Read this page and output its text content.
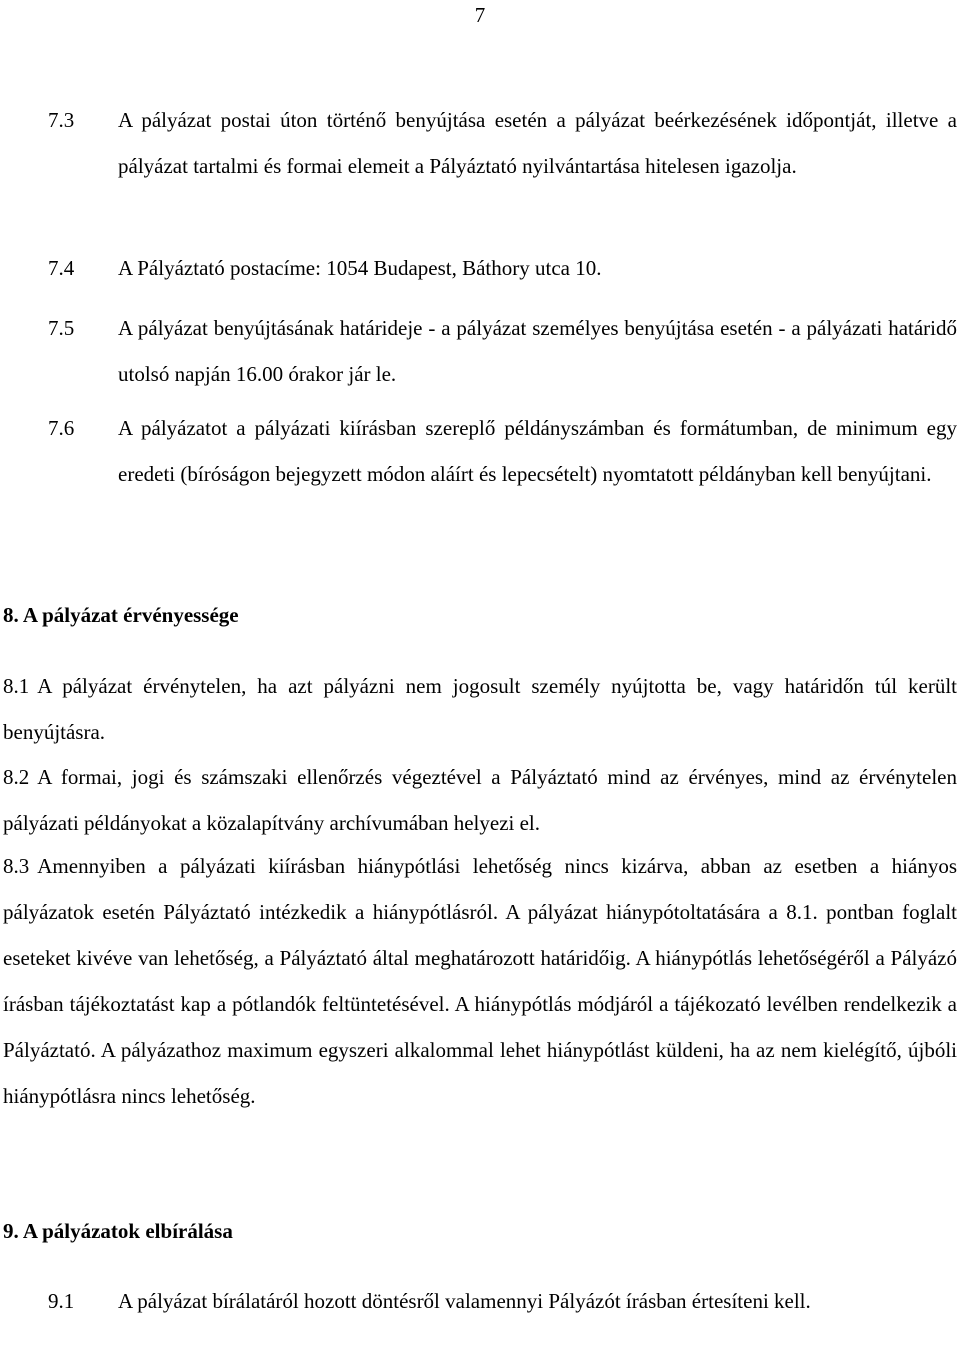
7
7.3	A pályázat postai úton történő benyújtása esetén a pályázat beérkezésének időpontját, illetve a pályázat tartalmi és formai elemeit a Pályáztató nyilvántartása hitelesen igazolja.
7.4	A Pályáztató postacíme: 1054 Budapest, Báthory utca 10.
7.5	A pályázat benyújtásának határideje - a pályázat személyes benyújtása esetén - a pályázati határidő utolsó napján 16.00 órakor jár le.
7.6	A pályázatot a pályázati kiírásban szereplő példányszámban és formátumban, de minimum egy eredeti (bíróságon bejegyzett módon aláírt és lepecsételt) nyomtatott példányban kell benyújtani.
8. A pályázat érvényessége
8.1 A pályázat érvénytelen, ha azt pályázni nem jogosult személy nyújtotta be, vagy határidőn túl került benyújtásra.
8.2 A formai, jogi és számszaki ellenőrzés végeztével a Pályáztató mind az érvényes, mind az érvénytelen pályázati példányokat a közalapítvány archívumában helyezi el.
8.3 Amennyiben a pályázati kiírásban hiánypótlási lehetőség nincs kizárva, abban az esetben a hiányos pályázatok esetén Pályáztató intézkedik a hiánypótlásról. A pályázat hiánypótoltatására a 8.1. pontban foglalt eseteket kivéve van lehetőség, a Pályáztató által meghatározott határidőig. A hiánypótlás lehetőségéről a Pályázó írásban tájékoztatást kap a pótlandók feltüntetésével. A hiánypótlás módjáról a tájékozató levélben rendelkezik a Pályáztató. A pályázathoz maximum egyszeri alkalommal lehet hiánypótlást küldeni, ha az nem kielégítő, újbóli hiánypótlásra nincs lehetőség.
9. A pályázatok elbírálása
9.1	A pályázat bírálatáról hozott döntésről valamennyi Pályázót írásban értesíteni kell.
